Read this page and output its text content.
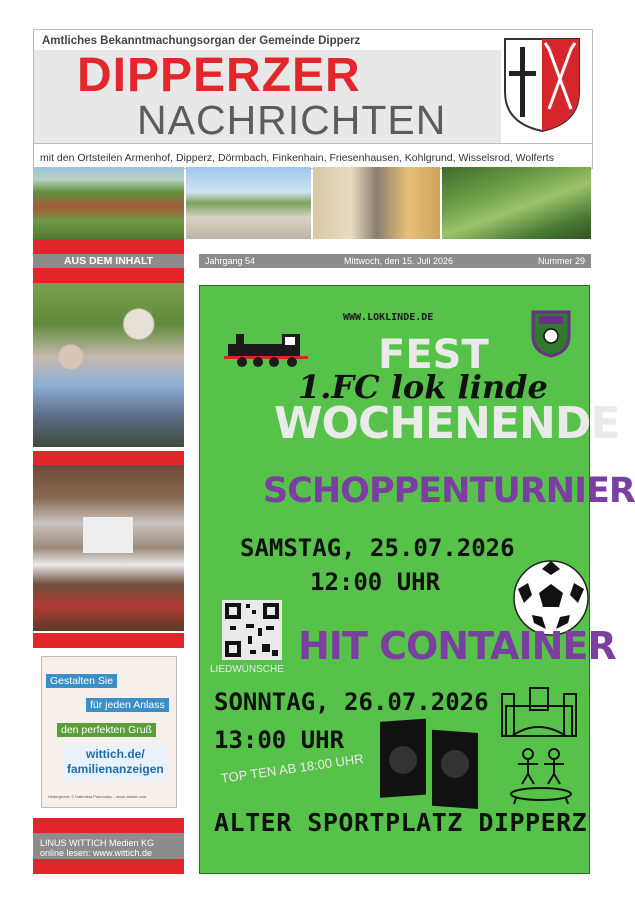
Amtliches Bekanntmachungsorgan der Gemeinde Dipperz
DIPPERZER
NACHRICHTEN
mit den Ortsteilen Armenhof, Dipperz, Dörmbach, Finkenhain, Friesenhausen, Kohlgrund, Wisselsrod, Wolferts
AUS DEM INHALT
Gestalten Sie
für jeden Anlass
den perfekten Gruß
wittich.de/
familienanzeigen
Hintergrund: © Dalentina Pokrovsky – stock.adobe.com
LINUS WITTICH Medien KG
online lesen: www.wittich.de
Jahrgang 54	Mittwoch, den 15. Juli 2026	Nummer 29
WWW.LOKLINDE.DE
FEST
1.FC lok linde
WOCHENENDE
SCHOPPENTURNIER
SAMSTAG, 25.07.2026
12:00 UHR
LIEDWÜNSCHE
HIT CONTAINER
SONNTAG, 26.07.2026
13:00 UHR
TOP TEN AB 18:00 UHR
ALTER SPORTPLATZ DIPPERZ
